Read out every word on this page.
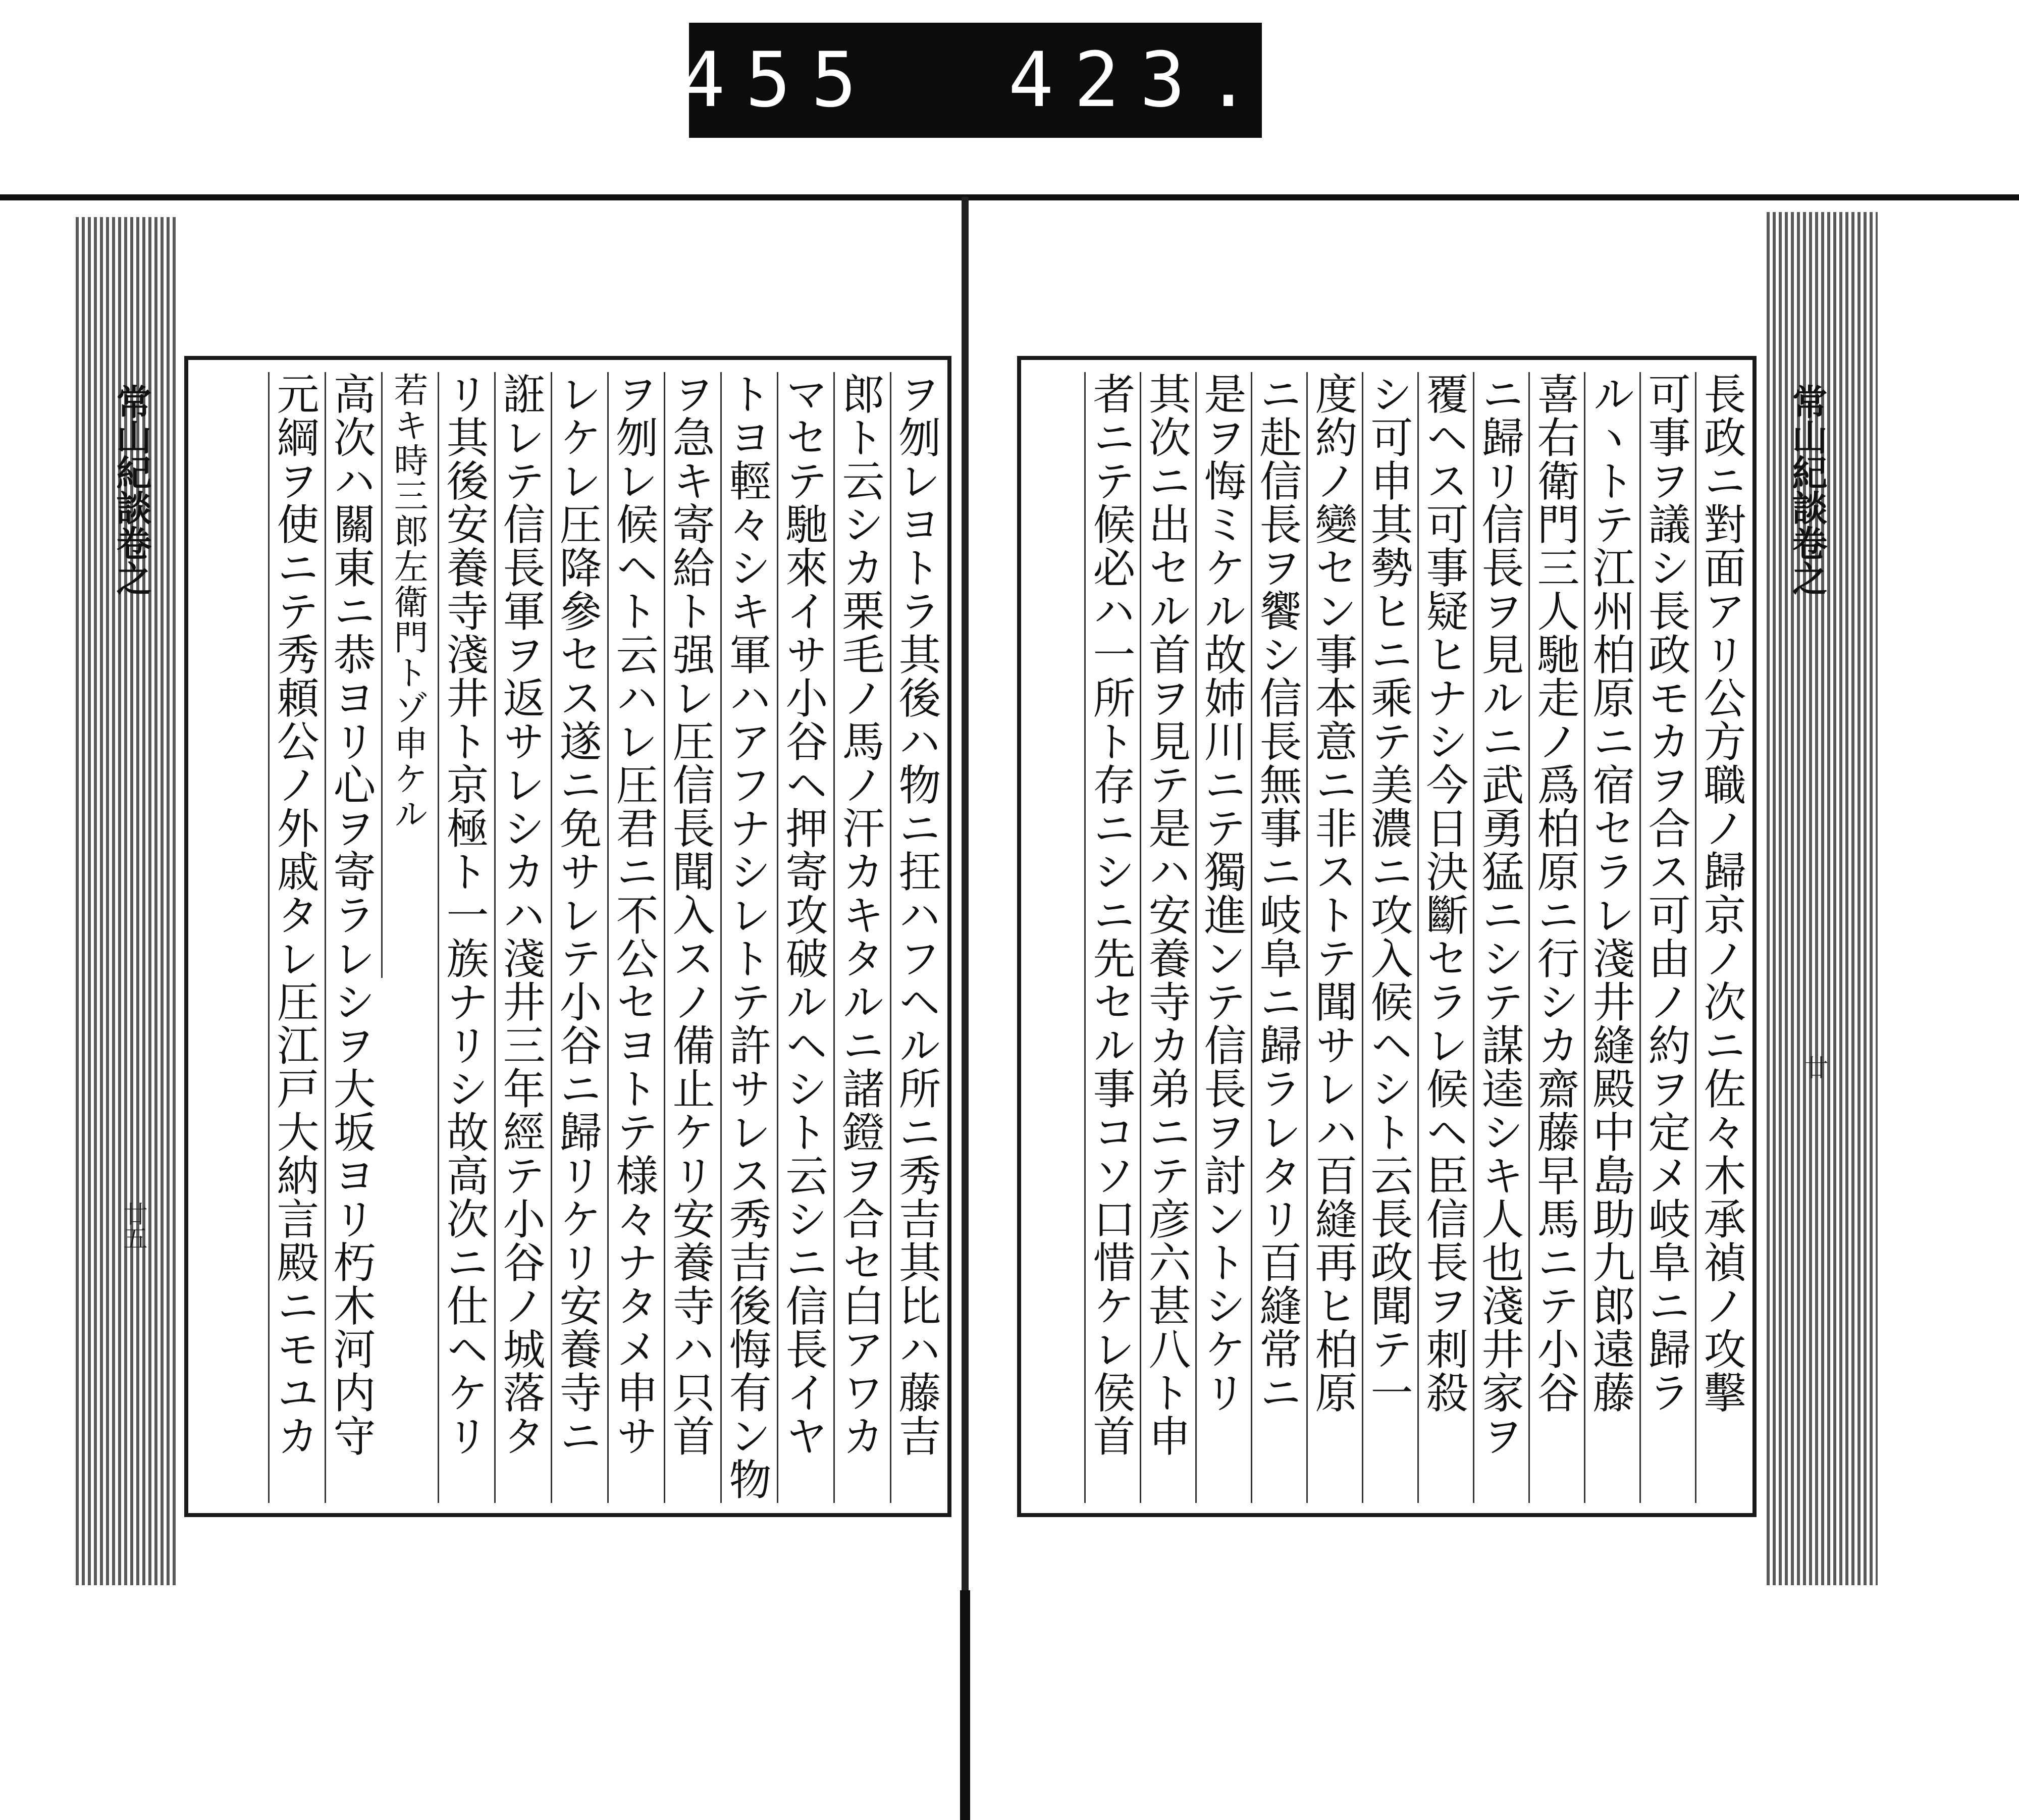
455 423.
常山紀談卷之
廿五
常山紀談卷之
廿
ヲ刎レヨトラ其後ハ物ニ抂ハフヘル所ニ秀吉其比ハ藤吉
郎ト云シカ栗毛ノ馬ノ汗カキタルニ諸鐙ヲ合セ白アワカ
マセテ馳來イサ小谷ヘ押寄攻破ルヘシト云シニ信長イヤ
トヨ輕々シキ軍ハアフナシレトテ許サレス秀吉後悔有ン物
ヲ急キ寄給ト强レ圧信長聞入スノ備止ケリ安養寺ハ只首
ヲ刎レ候ヘト云ハレ圧君ニ不公セヨトテ様々ナタメ申サ
レケレ圧降參セス遂ニ免サレテ小谷ニ歸リケリ安養寺ニ
誑レテ信長軍ヲ返サレシカハ淺井三年經テ小谷ノ城落タ
リ其後安養寺淺井ト京極ト一族ナリシ故高次ニ仕ヘケリ
若キ時三郎左衛門トゾ申ケル
高次ハ關東ニ恭ヨリ心ヲ寄ラレシヲ大坂ヨリ朽木河内守
元綱ヲ使ニテ秀頼公ノ外戚タレ圧江戸大納言殿ニモユカ	長政ニ對面アリ公方職ノ歸京ノ次ニ佐々木承禎ノ攻擊
可事ヲ議シ長政モカヲ合ス可由ノ約ヲ定メ岐阜ニ歸ラ
ルヽトテ江州柏原ニ宿セラレ淺井縫殿中島助九郎遠藤
喜右衛門三人馳走ノ爲柏原ニ行シカ齋藤早馬ニテ小谷
ニ歸リ信長ヲ見ルニ武勇猛ニシテ謀逵シキ人也淺井家ヲ
覆ヘス可事疑ヒナシ今日決斷セラレ候ヘ臣信長ヲ刺殺
シ可申其勢ヒニ乘テ美濃ニ攻入候ヘシト云長政聞テ一
度約ノ變セン事本意ニ非ストテ聞サレハ百縫再ヒ柏原
ニ赴信長ヲ饗シ信長無事ニ岐阜ニ歸ラレタリ百縫常ニ
是ヲ悔ミケル故姉川ニテ獨進ンテ信長ヲ討ントシケリ
其次ニ出セル首ヲ見テ是ハ安養寺カ弟ニテ彦六甚八ト申
者ニテ候必ハ一所ト存ニシニ先セル事コソ口惜ケレ侯首
